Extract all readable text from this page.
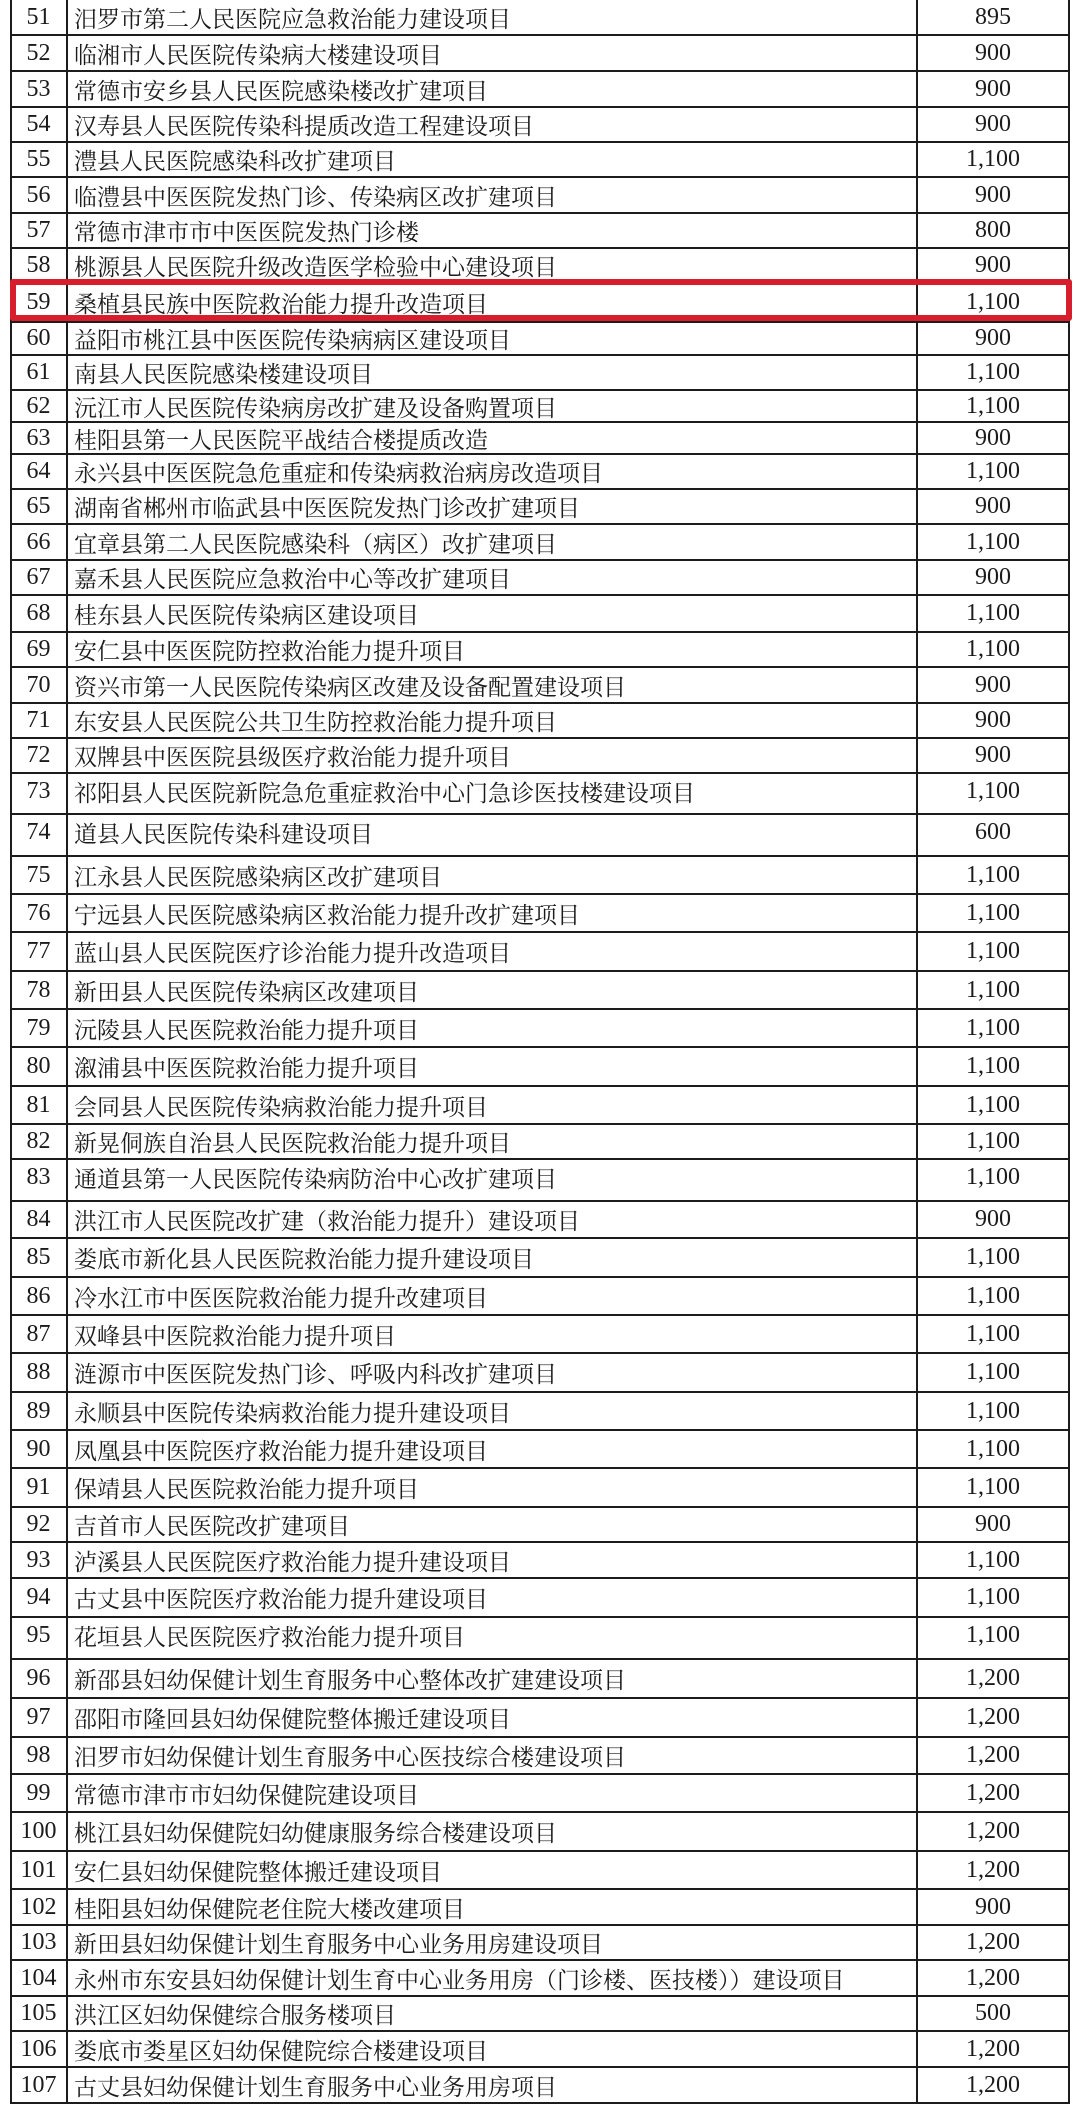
51	汨罗市第二人民医院应急救治能力建设项目	895
52	临湘市人民医院传染病大楼建设项目	900
53	常德市安乡县人民医院感染楼改扩建项目	900
54	汉寿县人民医院传染科提质改造工程建设项目	900
55	澧县人民医院感染科改扩建项目	1,100
56	临澧县中医医院发热门诊、传染病区改扩建项目	900
57	常德市津市市中医医院发热门诊楼	800
58	桃源县人民医院升级改造医学检验中心建设项目	900
59	桑植县民族中医院救治能力提升改造项目	1,100
60	益阳市桃江县中医医院传染病病区建设项目	900
61	南县人民医院感染楼建设项目	1,100
62	沅江市人民医院传染病房改扩建及设备购置项目	1,100
63	桂阳县第一人民医院平战结合楼提质改造	900
64	永兴县中医医院急危重症和传染病救治病房改造项目	1,100
65	湖南省郴州市临武县中医医院发热门诊改扩建项目	900
66	宜章县第二人民医院感染科（病区）改扩建项目	1,100
67	嘉禾县人民医院应急救治中心等改扩建项目	900
68	桂东县人民医院传染病区建设项目	1,100
69	安仁县中医医院防控救治能力提升项目	1,100
70	资兴市第一人民医院传染病区改建及设备配置建设项目	900
71	东安县人民医院公共卫生防控救治能力提升项目	900
72	双牌县中医医院县级医疗救治能力提升项目	900
73	祁阳县人民医院新院急危重症救治中心门急诊医技楼建设项目	1,100
74	道县人民医院传染科建设项目	600
75	江永县人民医院感染病区改扩建项目	1,100
76	宁远县人民医院感染病区救治能力提升改扩建项目	1,100
77	蓝山县人民医院医疗诊治能力提升改造项目	1,100
78	新田县人民医院传染病区改建项目	1,100
79	沅陵县人民医院救治能力提升项目	1,100
80	溆浦县中医医院救治能力提升项目	1,100
81	会同县人民医院传染病救治能力提升项目	1,100
82	新晃侗族自治县人民医院救治能力提升项目	1,100
83	通道县第一人民医院传染病防治中心改扩建项目	1,100
84	洪江市人民医院改扩建（救治能力提升）建设项目	900
85	娄底市新化县人民医院救治能力提升建设项目	1,100
86	冷水江市中医医院救治能力提升改建项目	1,100
87	双峰县中医院救治能力提升项目	1,100
88	涟源市中医医院发热门诊、呼吸内科改扩建项目	1,100
89	永顺县中医院传染病救治能力提升建设项目	1,100
90	凤凰县中医院医疗救治能力提升建设项目	1,100
91	保靖县人民医院救治能力提升项目	1,100
92	吉首市人民医院改扩建项目	900
93	泸溪县人民医院医疗救治能力提升建设项目	1,100
94	古丈县中医院医疗救治能力提升建设项目	1,100
95	花垣县人民医院医疗救治能力提升项目	1,100
96	新邵县妇幼保健计划生育服务中心整体改扩建建设项目	1,200
97	邵阳市隆回县妇幼保健院整体搬迁建设项目	1,200
98	汨罗市妇幼保健计划生育服务中心医技综合楼建设项目	1,200
99	常德市津市市妇幼保健院建设项目	1,200
100 桃江县妇幼保健院妇幼健康服务综合楼建设项目	1,200
101 安仁县妇幼保健院整体搬迁建设项目	1,200
102 桂阳县妇幼保健院老住院大楼改建项目	900
103 新田县妇幼保健计划生育服务中心业务用房建设项目	1,200
104 永州市东安县妇幼保健计划生育中心业务用房（门诊楼、医技楼））建设项目	1,200
105 洪江区妇幼保健综合服务楼项目	500
106 娄底市娄星区妇幼保健院综合楼建设项目	1,200
107 古丈县妇幼保健计划生育服务中心业务用房项目	1,200
